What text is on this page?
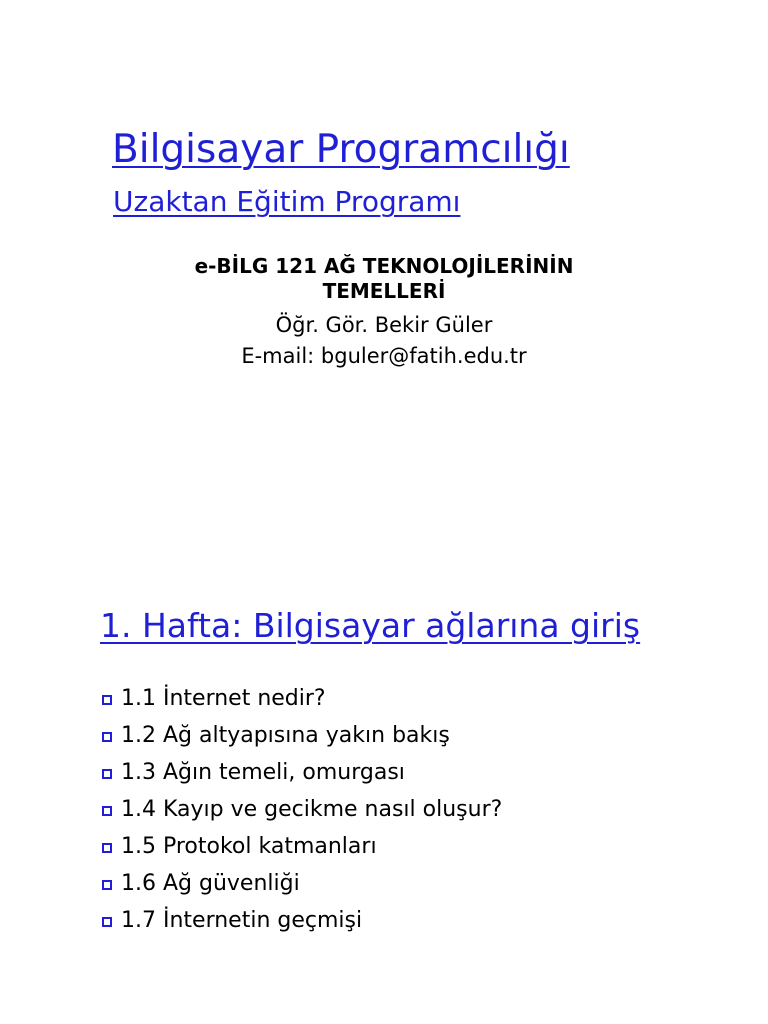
Bilgisayar Programcılığı
Uzaktan Eğitim Programı

e-BİLG 121 AĞ TEKNOLOJİLERİNİN

TEMELLERİ

Öğr. Gör. Bekir Güler

E-mail: bguler@fatih.edu.tr

1. Hafta: Bilgisayar ağlarına giriş
1.1 İnternet nedir?
1.2 Ağ altyapısına yakın bakış
1.3 Ağın temeli, omurgası
1.4 Kayıp ve gecikme nasıl oluşur?
1.5 Protokol katmanları
1.6 Ağ güvenliği
1.7 İnternetin geçmişi
